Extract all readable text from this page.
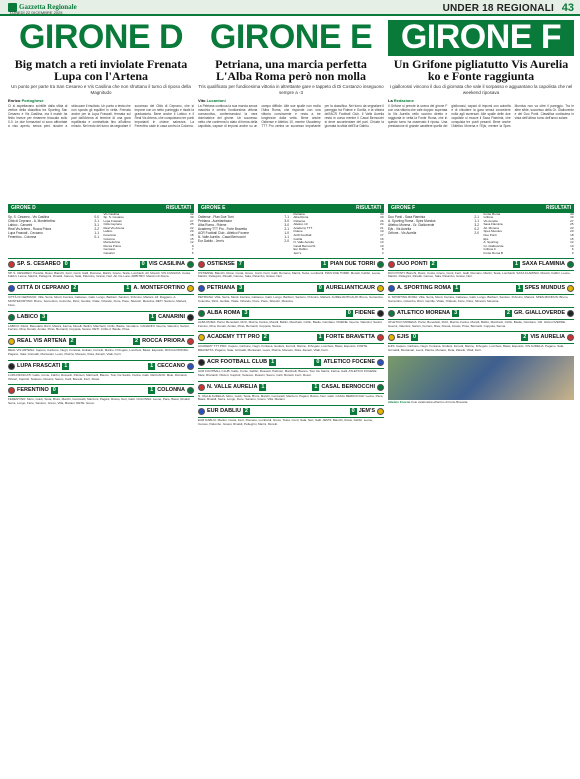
Gazzetta Regionale
LUNEDÌ 22 DICEMBRE 2025	UNDER 18 REGIONALI 43
GIRONE D
Big match a reti inviolate Frenata Lupa con l'Artena
Un punto per parte tra San Cesareo e Vis Casilina che non sfruttano il turno di riposo della Magnitudo
Enrico Portoghese
Ci si aspettavano scintille dalla sfida al vertice della classifica tra Sporting San Cesareo e Vis Casilina, ma il match ha finito invece per rimanere bloccato sullo 0-0. Le due formazioni si sono affrontate a viso aperto, senza però riuscire a sbloccare il risultato. Un punto a testa che non sposta gli equilibri in vetta. Frenata anche per la Lupa Frascati, fermata sul pari dall'Artena al termine di una gara equilibrata e combattuta fino all'ultimo minuto. Nel resto del turno da segnalare il successo del Città di Ceprano, che si impone con un netto punteggio e risale la graduatoria. Bene anche il Labico e il Real Vis Artena, che conquistano tre punti importanti in chiave salvezza. La Ferentino cade in casa contro la Colonna.
GIRONE D	RISULTATI
Sp. S. Cesareo - Vis Casilina	0-0
Città di Ceprano - A. Montefortino	2-1
Labico - Canarini	3-1
Real Vis Artena - Rocca Priora	2-2
Lupa Frascati - Ceccano	1-1
Ferentino - Colonna	0-1
Vis Casilina	32
Sp. S. Cesareo	30
Lupa Frascati	27
Città Ceprano	25
Real Vis Artena	22
Labico	20
Ferentino	18
Colonna	15
Montefortino	12
Rocca Priora	9
Ceccano	7
Canarini	5
SP. S. CESAREO 0	0 VIS CASILINA
SP. S. CESAREO: Panella, Rossi, Bianchi, Ferri, Conti, Galli, Romano, Marini, Greco, Testa, Lombardi. All. Moretti. VIS CASILINA: Costa, Fabbri, Leone, Martini, Pellegrini, Rinaldi, Caruso, Sala, Palumbo, Grassi, Neri. All. De Luca. ARBITRO: Mancini di Roma.
CITTÀ DI CEPRANO 2	1 A. MONTEFORTINO
CITTÀ DI CEPRANO: Villa, Serra, Monti, Ferrara, Cattaneo, Gatti, Longo, Barbieri, Santoro, D'Amico, Mariani. All. Ruggiero. A. MONTEFORTINO: Bruno, Sorrentino, Colombo, Ricci, Gentile, Vitale, Orlando, Fiore, Pace, Silvestri, Messina. RETI: Santoro, Mariani, Fiore.
LABICO 3	1 CANARINI
LABICO: Parisi, Benedetti, Rizzi, Mazza, Farina, Morelli, Bellini, Marchetti, Cirillo, Basile, Giordano. CANARINI: Guerra, Valentini, Sartori, Ferraro, Riva, Donati, Amato, Piras, Bernardi, Coppola, Sanna. RETI: Cirillo 2, Basile, Piras.
REAL VIS ARTENA 2	2 ROCCA PRIORA
REAL VIS ARTENA: Caputo, Carbone, Negri, Fontana, Giuliani, Ferretti, Marino, D'Angelo, Lucchesi, Bassi, Esposito. ROCCA PRIORA: Pagano, Sala, Grimaldi, Montanari, Leoni, Piazza, Monaco, Rota, Zanetti, Vitali, Ferri.
LUPA FRASCATI 1	1 CECCANO
LUPA FRASCATI: Gallo, Conte, Fabbri, Rossetti, Palmieri, Martinelli, Bianco, Tosi, De Santis, Farina, Galli. CECCANO: Mele, Ricciardi, Olivieri, Caprioli, Tedesco, Rossini, Sacco, Carli, Bonetti, Ferri, Rossi.
FERENTINO 0	1 COLONNA
FERENTINO: Moro, Guidi, Testa, Bruni, Marchi, Ceccarelli, Mazzoni, Pagani, Russo, Neri, Gatti. COLONNA: Leone, Pace, Bassi, Rinaldi, Serra, Longo, Fiore, Santoro, Greco, Villa, Mariani. RETE: Greco.
GIRONE E
Petriana, una marcia perfetta L'Alba Roma però non molla
Tris qualificato per fundicesima vittoria in altrettante gare e tappeto di Di Costanzo inseguono sempre a -3
Vito Lucantoni
La Petriana continua la sua marcia senza macchia e centra l'undicesima vittoria consecutiva, confermandosi la vera dominatrice del girone. Un successo netto che conferma lo stato di forma della capolista, capace di imporsi anche su un campo difficile. Alle sue spalle non molla l'Alba Roma, che risponde con una vittoria convincente e resta a tre lunghezze dalla vetta. Bene anche Ostiense e Atletico 10, mentre l'Academy TTT Pro centra un successo importante per la classifica. Nel turno da segnalare il pareggio tra Fidene e Gorilla, e la vittoria dell'ACR Football Club. Il Valle Aurelia resta in corsa mentre il Casal Bernocchi si deve accontentare del pari. Chiude la giornata la sfida dell'Eur Dabliu.
GIRONE E	RISULTATI
Ostiense - Pian Due Torri	7-1
Petriana - Aurelianticaur	3-0
Alba Roma - Fidene	3-0
Academy TTT Pro - Forte Bravetta	2-1
ACR Football Club - Atletico Focene	1-0
N. Valle Aurelia - Casal Bernocchi	1-1
Eur Dabliu - Jem's	2-0
Petriana	33
Alba Roma	30
Ostiense	26
Atletico 10	24
Academy TTT	21
Fidene	19
ACR Football	17
Gorilla	16
N. Valle Aurelia	13
Casal Bernocchi	10
Eur Dabliu	8
Jem's	4
OSTIENSE 7	1 PIAN DUE TORRI
OSTIENSE: Bianchi, Rossi, Costa, Greco, Conti, Ferri, Galli, Romano, Marini, Testa, Lombardi. PIAN DUE TORRI: Moretti, Fabbri, Leone, Martini, Pellegrini, Rinaldi, Caruso, Sala, Palumbo, Grassi, Neri.
PETRIANA 3	0 AURELIANTICAUR
PETRIANA: Villa, Serra, Monti, Ferrara, Cattaneo, Gatti, Longo, Barbieri, Santoro, D'Amico, Mariani. AURELIANTICAUR: Bruno, Sorrentino, Colombo, Ricci, Gentile, Vitale, Orlando, Fiore, Pace, Silvestri, Messina.
ALBA ROMA 3	0 FIDENE
ALBA ROMA: Parisi, Benedetti, Rizzi, Mazza, Farina, Morelli, Bellini, Marchetti, Cirillo, Basile, Giordano. FIDENE: Guerra, Valentini, Sartori, Ferraro, Riva, Donati, Amato, Piras, Bernardi, Coppola, Sanna.
ACADEMY TTT PRO 2	1 FORTE BRAVETTA
ACADEMY TTT PRO: Caputo, Carbone, Negri, Fontana, Giuliani, Ferretti, Marino, D'Angelo, Lucchesi, Bassi, Esposito. FORTE BRAVETTA: Pagano, Sala, Grimaldi, Montanari, Leoni, Piazza, Monaco, Rota, Zanetti, Vitali, Ferri.
ACR FOOTBALL CLUB 1	0 ATLETICO FOCENE
ACR FOOTBALL CLUB: Gallo, Conte, Fabbri, Rossetti, Palmieri, Martinelli, Bianco, Tosi, De Santis, Farina, Galli. ATLETICO FOCENE: Mele, Ricciardi, Olivieri, Caprioli, Tedesco, Rossini, Sacco, Carli, Bonetti, Ferri, Rossi.
N. VALLE AURELIA 1	1 CASAL BERNOCCHI
N. VALLE AURELIA: Moro, Guidi, Testa, Bruni, Marchi, Ceccarelli, Mazzoni, Pagani, Russo, Neri, Gatti. CASAL BERNOCCHI: Leone, Pace, Bassi, Rinaldi, Serra, Longo, Fiore, Santoro, Greco, Villa, Mariani.
EUR DABLIU 2	0 JEM'S
EUR DABLIU: Martini, Costa, Ferri, Romano, Lombardi, Greco, Testa, Conti, Sala, Neri, Galli. JEM'S: Bianchi, Rossi, Fabbri, Leone, Caruso, Palumbo, Grassi, Rinaldi, Pellegrini, Marini, Moretti.
GIRONE F
Un Grifone pigliatutto Vis Aurelia ko e Fonte raggiunta
I giallorossi vincono il duo di giornata che vale il sorpasso e agguantano la capolista che nel weekend riposava
La Redazione
Il Grifone si prende la scena del girone F con una vittoria che vale doppio: superata la Vis Aurelia nello scontro diretto e raggiunta in vetta la Fonte Roma, che in questo turno ha osservato il riposo. Una prestazione di grande carattere quella dei giallorossi, capaci di imporsi con autorità e di chiudere la gara senza concedere nulla agli avversari. Alle spalle delle due capoliste si muove il Saxa Flaminia, che conquista tre punti pesanti. Bene anche l'Atletico Morena e l'Ejis, mentre la Spes Mundus non va oltre il pareggio. Tra le altre sfide, successo della Gr. Gialloverde e del Duo Ponti. Classifica cortissima in vista dell'ultimo turno dell'anno solare.
GIRONE F	RISULTATI
Duo Ponti - Saxa Flaminia	2-1
A. Sporting Roma - Spes Mundus	1-1
Atletico Morena - Gr. Gialloverde	3-2
Ejis - Vis Aurelia	0-2
Grifone - Vis Aurelia	2-0
Fonte Roma	30
Grifone	30
Vis Aurelia	27
Saxa Flaminia	25
Atl. Morena	23
Spes Mundus	20
Duo Ponti	18
Ejis	15
A. Sporting	12
Gr. Gialloverde	10
Grifone F	6
Fonte Roma B	3
DUO PONTI 2	1 SAXA FLAMINIA
DUO PONTI: Bianchi, Rossi, Costa, Greco, Conti, Ferri, Galli, Romano, Marini, Testa, Lombardi. SAXA FLAMINIA: Moretti, Fabbri, Leone, Martini, Pellegrini, Rinaldi, Caruso, Sala, Palumbo, Grassi, Neri.
A. SPORTING ROMA 1	1 SPES MUNDUS
A. SPORTING ROMA: Villa, Serra, Monti, Ferrara, Cattaneo, Gatti, Longo, Barbieri, Santoro, D'Amico, Mariani. SPES MUNDUS: Bruno, Sorrentino, Colombo, Ricci, Gentile, Vitale, Orlando, Fiore, Pace, Silvestri, Messina.
ATLETICO MORENA 3	2 GR. GIALLOVERDE
ATLETICO MORENA: Parisi, Benedetti, Rizzi, Mazza, Farina, Morelli, Bellini, Marchetti, Cirillo, Basile, Giordano. GR. GIALLOVERDE: Guerra, Valentini, Sartori, Ferraro, Riva, Donati, Amato, Piras, Bernardi, Coppola, Sanna.
EJIS 0	2 VIS AURELIA
EJIS: Caputo, Carbone, Negri, Fontana, Giuliani, Ferretti, Marino, D'Angelo, Lucchesi, Bassi, Esposito. VIS AURELIA: Pagano, Sala, Grimaldi, Montanari, Leoni, Piazza, Monaco, Rota, Zanetti, Vitali, Ferri.
Atletico Focene Foto celebrativa all'arrivo di Forte Bravetta
